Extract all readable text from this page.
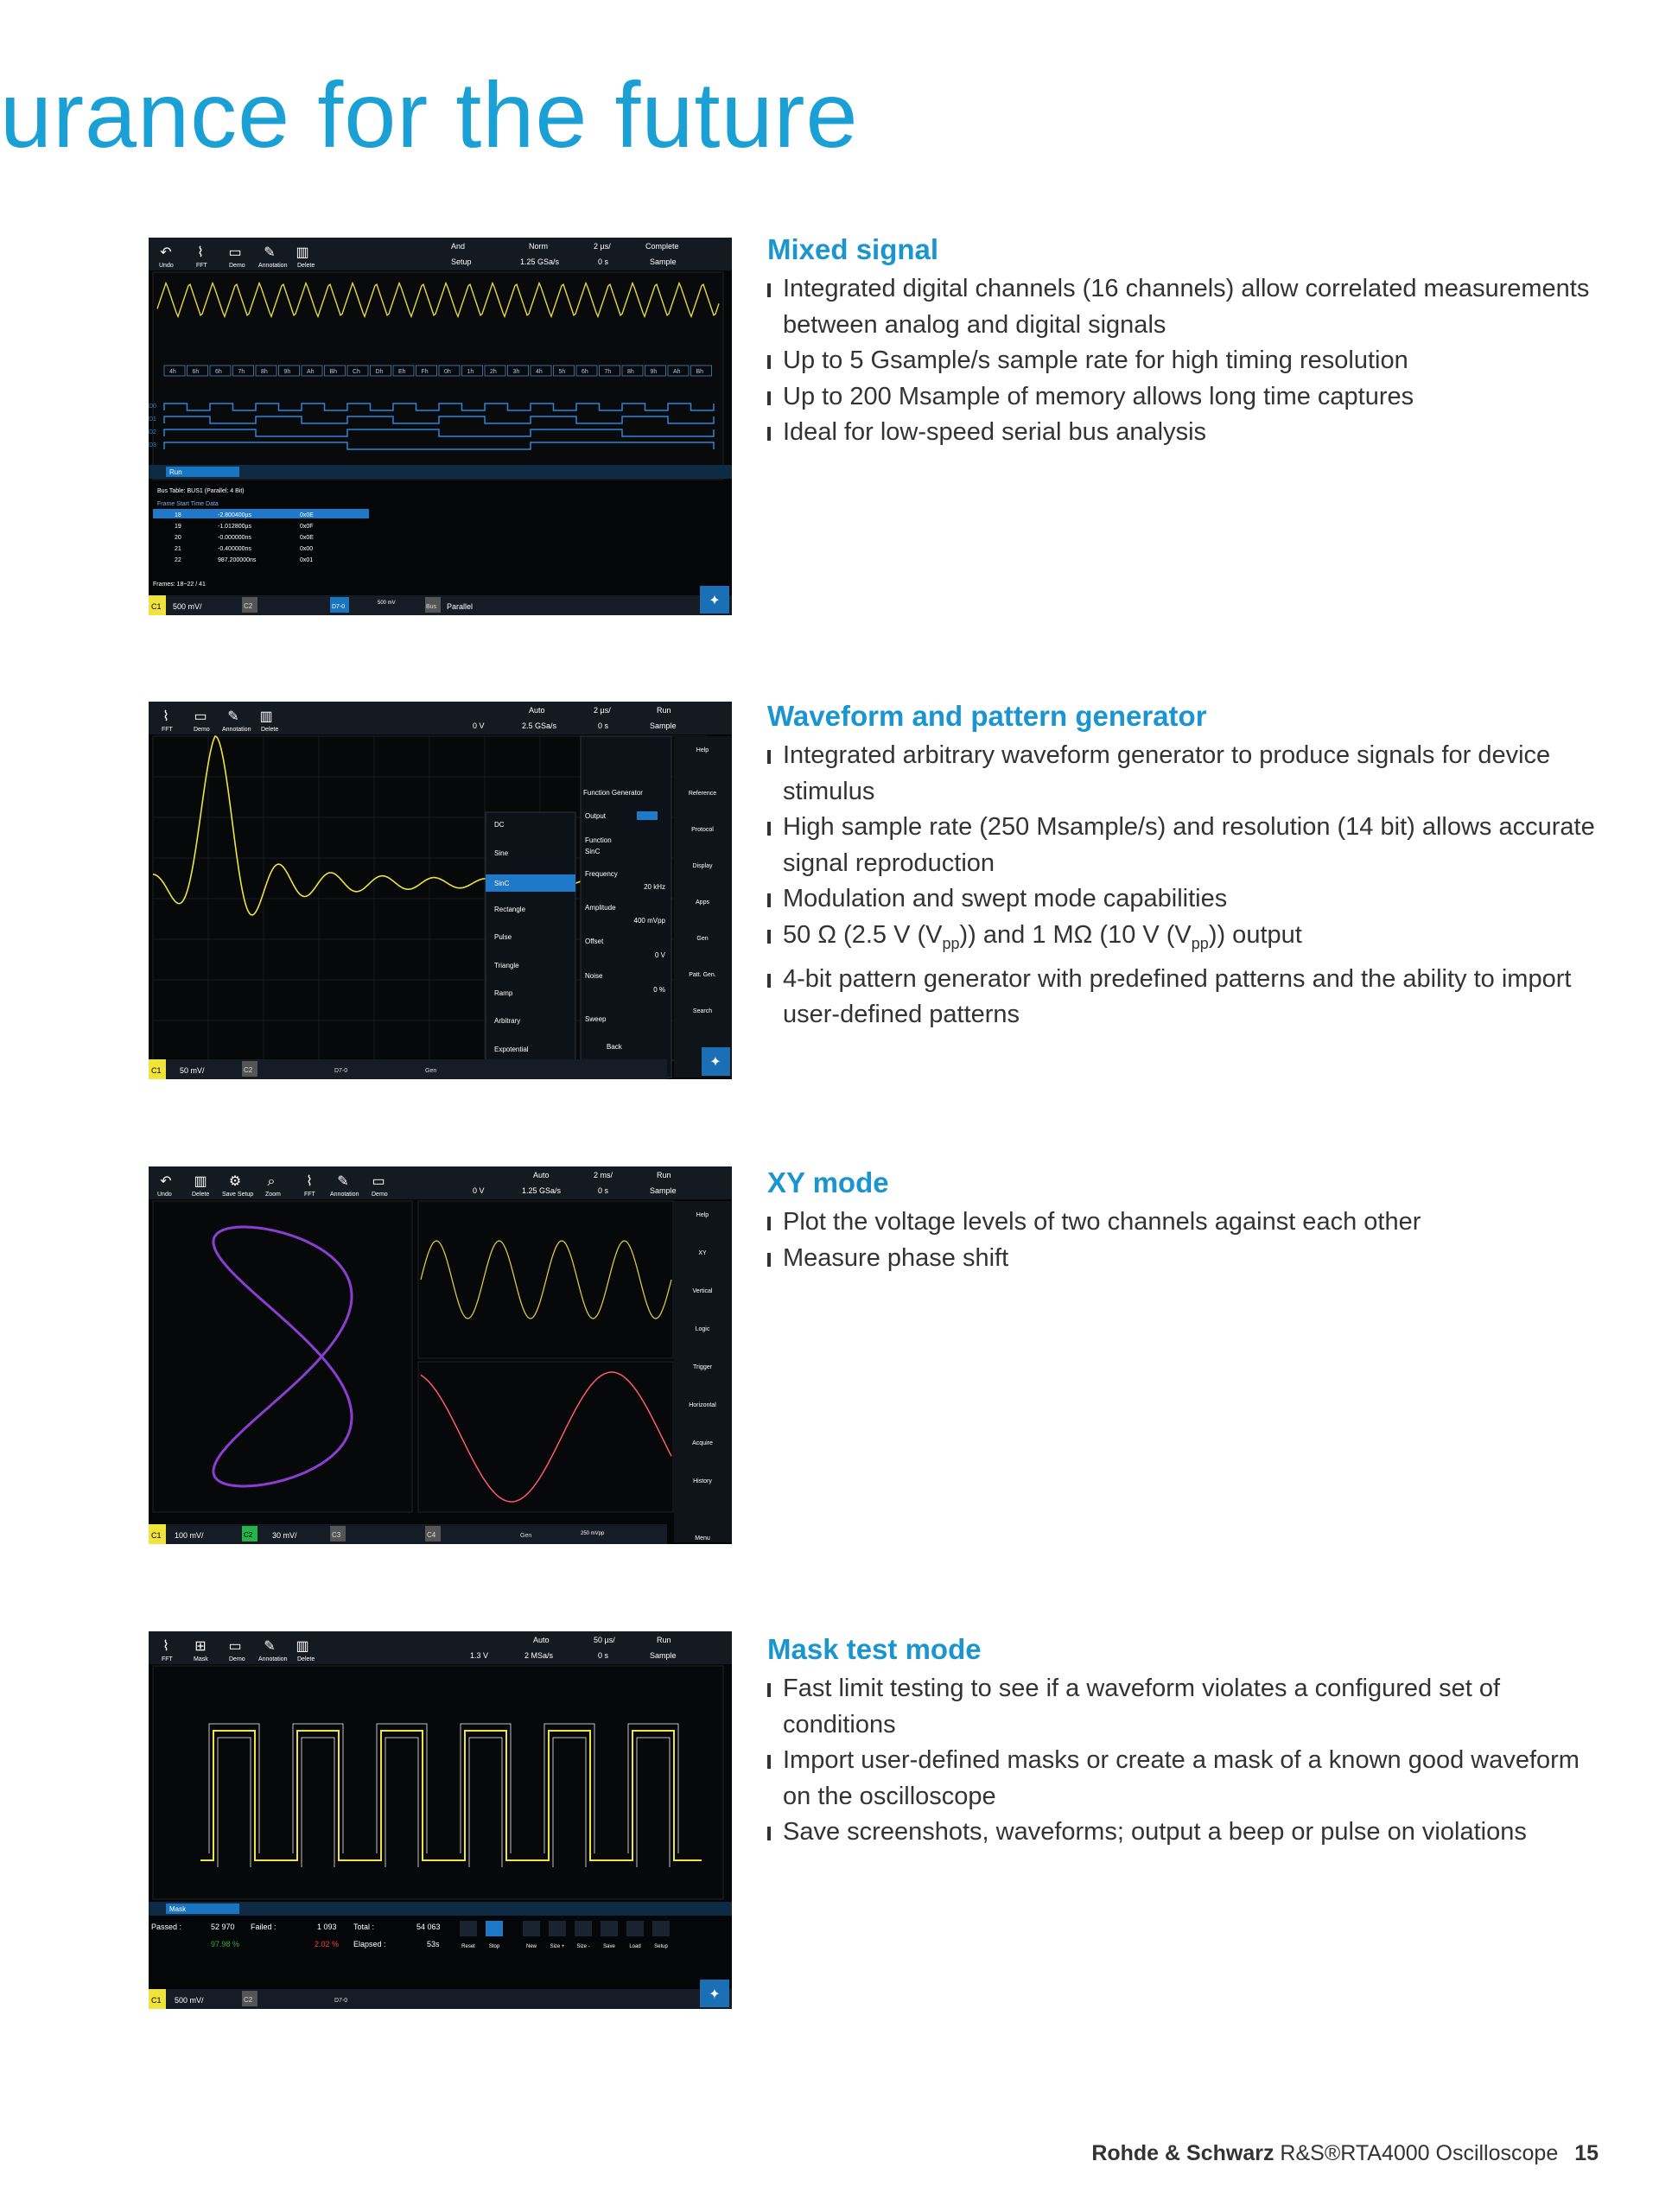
urance for the future
Mixed signal
Integrated digital channels (16 channels) allow correlated measurements between analog and digital signals
Up to 5 Gsample/s sample rate for high timing resolution
Up to 200 Msample of memory allows long time captures
Ideal for low-speed serial bus analysis
Waveform and pattern generator
Integrated arbitrary waveform generator to produce signals for device stimulus
High sample rate (250 Msample/s) and resolution (14 bit) allows accurate signal reproduction
Modulation and swept mode capabilities
50 Ω (2.5 V $(V_{pp})$) and 1 MΩ (10 V $(V_{pp})$) output
4-bit pattern generator with predefined patterns and the ability to import user-defined patterns
XY mode
Plot the voltage levels of two channels against each other
Measure phase shift
Mask test mode
Fast limit testing to see if a waveform violates a configured set of conditions
Import user-defined masks or create a mask of a known good waveform on the oscilloscope
Save screenshots, waveforms; output a beep or pulse on violations
Undo	FFT	Demo Annotation Delete
↶ ⌇ ▭ ✎ ▥	And	Norm	2 µs/	Complete
Setup	1.25 GSa/s	0 s	Sample
4h	6h	6h	7h	8h	9h	Ah	Bh	Ch	Dh	Eh	Fh	0h	1h	2h	3h	4h	5h	6h	7h	8h	9h	Ah	Bh
D0
D1
D2
D3
Run
Bus Table: BUS1 (Parallel: 4 Bit)
Frame Start Time Data
18	-2.800400µs	0x0E
19	-1.012800µs	0x0F
20	-0.000000ns	0x0E
21	-0.400000ns	0x00
22	987.200000ns	0x01
Frames: 18~22 / 41
C1 500 mV/	C2	D7-0
500 mV
Bus Parallel	✦
FFT	Demo Annotation Delete
⌇ ▭ ✎ ▥	Auto	2 µs/	Run
0 V	2.5 GSa/s	0 s	Sample
DC
Sine
SinC
Rectangle
Pulse
Triangle
Ramp
Arbitrary
Expotential
Function Generator
Output
Function
SinC
Frequency
20 kHz
Amplitude
400 mVpp
Offset
0 V
Noise
0 %
Sweep
Back
Help
Reference
Protocol
Display
Apps
Gen
Patt. Gen.
Search
C1 50 mV/	C2	D7-0	Gen
✦
Undo	Delete Save Setup Zoom	FFT Annotation Demo
↶ ▥ ⚙ ⌕ ⌇ ✎ ▭	Auto	2 ms/	Run
0 V	1.25 GSa/s	0 s	Sample
Help
XY
Vertical
Logic
Trigger
Horizontal
Acquire
History
Menu
C1 100 mV/	C2	30 mV/	C3	C4	Gen	250 mVpp
FFT	Mask	Demo Annotation Delete
⌇ ⊞ ▭ ✎ ▥	Auto	50 µs/	Run
1.3 V	2 MSa/s	0 s	Sample
Mask
Passed :	52 970 Failed :	1 093 Total :	54 063
Elapsed :	53s
97.98 %	2.02 %	Reset	Stop	New	Size + Size -	Save	Load	Setup
C1 500 mV/	C2	D7-0	✦
Rohde & Schwarz R&S®RTA4000 Oscilloscope 15
